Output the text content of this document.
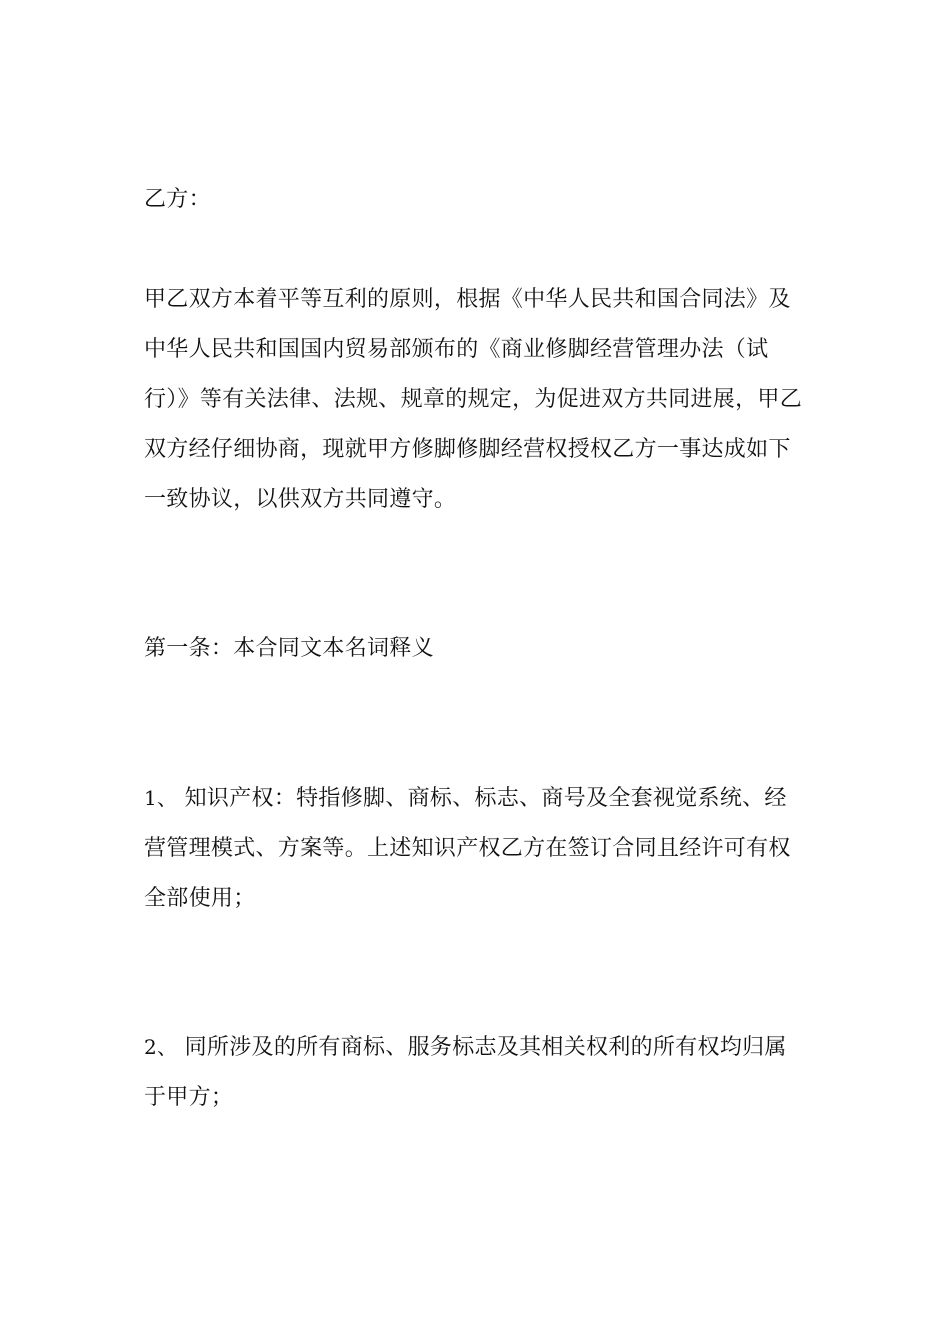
乙方：

甲乙双方本着平等互利的原则，根据《中华人民共和国合同法》及
中华人民共和国国内贸易部颁布的《商业修脚经营管理办法（试
行）》等有关法律、法规、规章的规定，为促进双方共同进展，甲乙
双方经仔细协商，现就甲方修脚修脚经营权授权乙方一事达成如下
一致协议，以供双方共同遵守。

第一条：本合同文本名词释义

1、 知识产权：特指修脚、商标、标志、商号及全套视觉系统、经
营管理模式、方案等。上述知识产权乙方在签订合同且经许可有权
全部使用；

2、 同所涉及的所有商标、服务标志及其相关权利的所有权均归属
于甲方；
